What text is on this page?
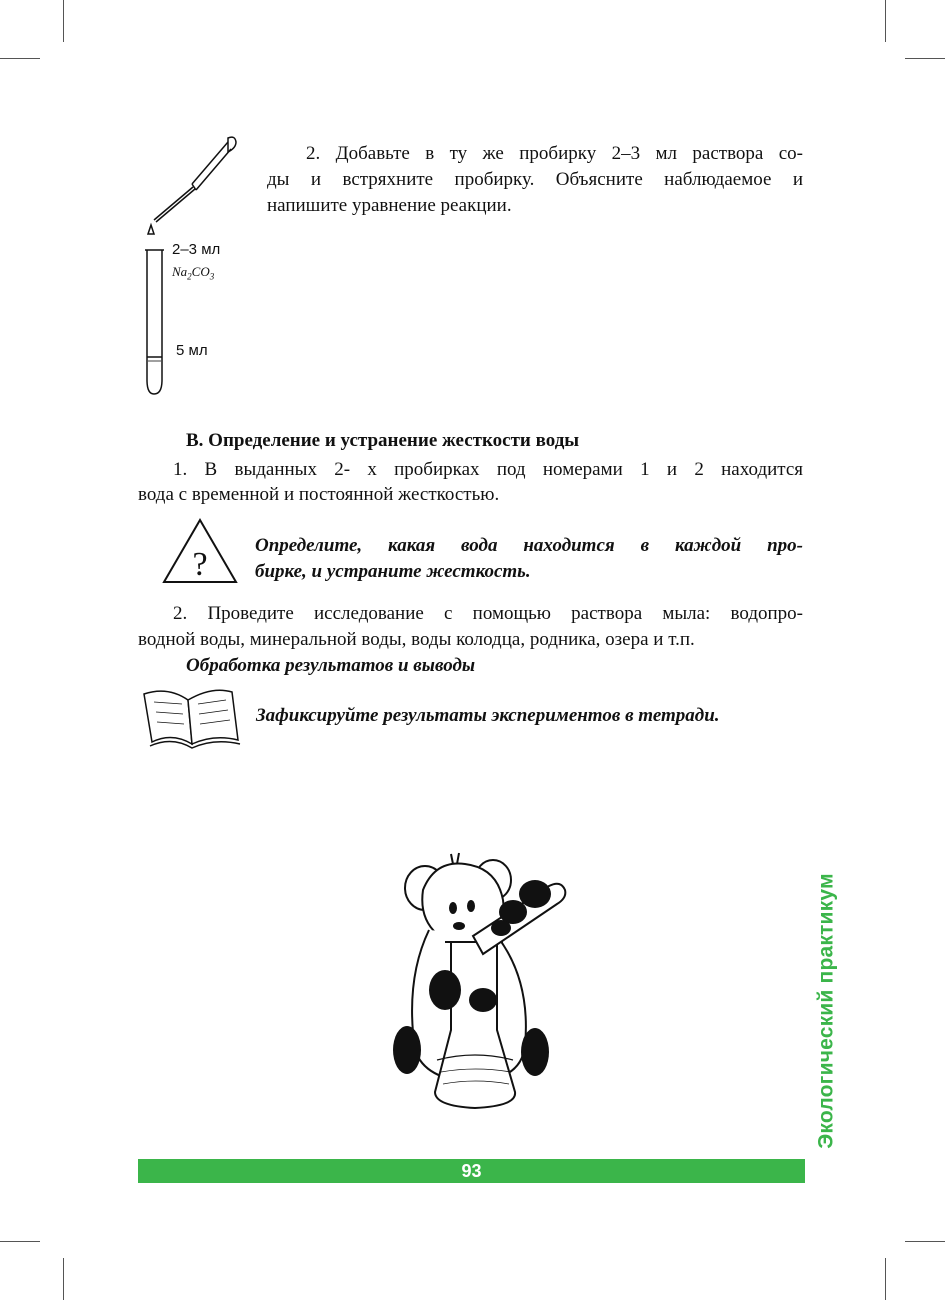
2–3 мл
$Na_2CO_3$
5 мл

2. Добавьте в ту же пробирку 2–3 мл раствора со-

ды и встряхните пробирку. Объясните наблюдаемое и

напишите уравнение реакции.

В. Определение и устранение жесткости воды

1. В выданных 2- х пробирках под номерами 1 и 2 находится

вода с временной и постоянной жесткостью.

?

Определите, какая вода находится в каждой про-

бирке, и устраните жесткость.

2. Проведите исследование с помощью раствора мыла: водопро-

водной воды, минеральной воды, воды колодца, родника, озера и т.п.

Обработка результатов и выводы

Зафиксируйте результаты экспериментов в тетради.

Экологический практикум
93
